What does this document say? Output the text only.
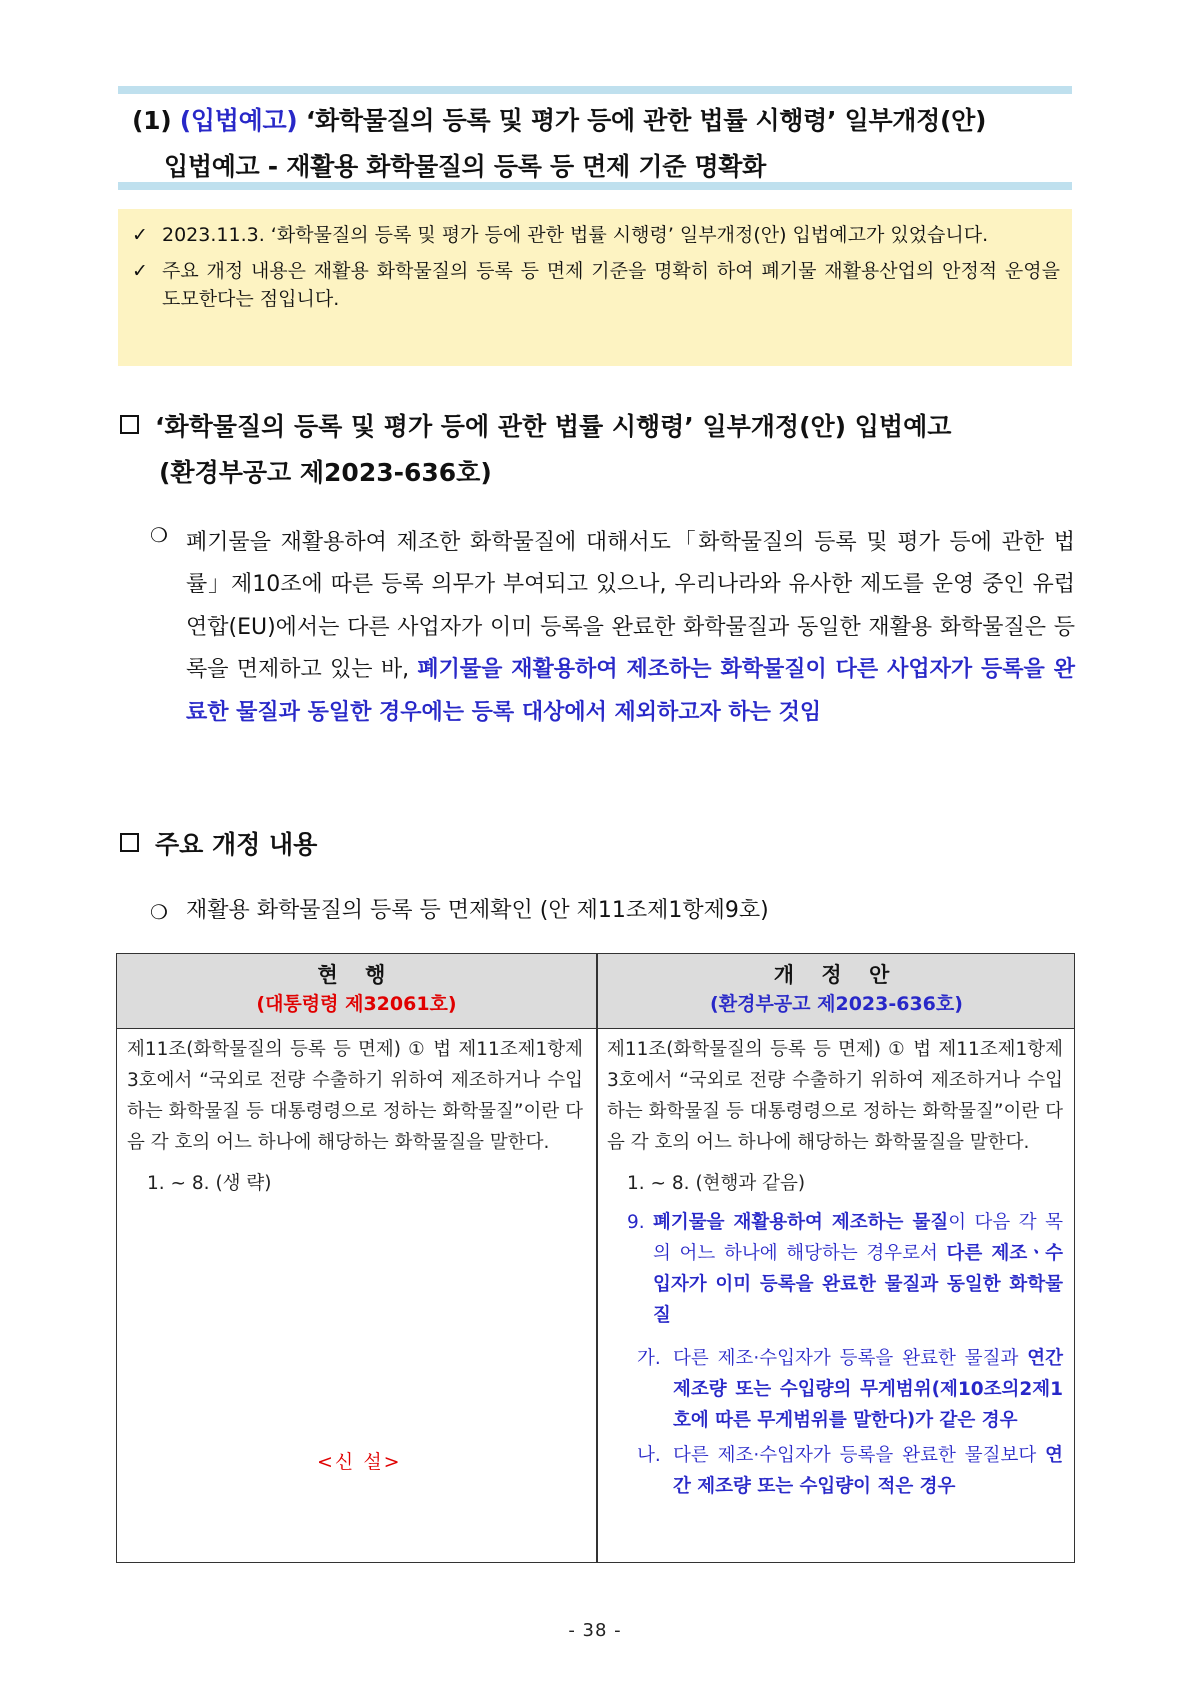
(1) (입법예고) ‘화학물질의 등록 및 평가 등에 관한 법률 시행령’ 일부개정(안)
입법예고 - 재활용 화학물질의 등록 등 면제 기준 명확화
✓ 2023.11.3. ‘화학물질의 등록 및 평가 등에 관한 법률 시행령’ 일부개정(안) 입법예고가 있었습니다.
✓ 주요 개정 내용은 재활용 화학물질의 등록 등 면제 기준을 명확히 하여 폐기물 재활용산업의 안정적 운영을 도모한다는 점입니다.
‘화학물질의 등록 및 평가 등에 관한 법률 시행령’ 일부개정(안) 입법예고
(환경부공고 제2023-636호)
❍ 폐기물을 재활용하여 제조한 화학물질에 대해서도「화학물질의 등록 및 평가 등에 관한 법률」제10조에 따른 등록 의무가 부여되고 있으나, 우리나라와 유사한 제도를 운영 중인 유럽연합(EU)에서는 다른 사업자가 이미 등록을 완료한 화학물질과 동일한 재활용 화학물질은 등록을 면제하고 있는 바, 폐기물을 재활용하여 제조하는 화학물질이 다른 사업자가 등록을 완료한 물질과 동일한 경우에는 등록 대상에서 제외하고자 하는 것임
주요 개정 내용
❍ 재활용 화학물질의 등록 등 면제확인 (안 제11조제1항제9호)
현 행
(대통령령 제32061호)
개 정 안
(환경부공고 제2023-636호)
제11조(화학물질의 등록 등 면제) ① 법 제11조제1항제3호에서 “국외로 전량 수출하기 위하여 제조하거나 수입하는 화학물질 등 대통령령으로 정하는 화학물질”이란 다음 각 호의 어느 하나에 해당하는 화학물질을 말한다.
1. ~ 8. (생 략)
<신 설>
제11조(화학물질의 등록 등 면제) ① 법 제11조제1항제3호에서 “국외로 전량 수출하기 위하여 제조하거나 수입하는 화학물질 등 대통령령으로 정하는 화학물질”이란 다음 각 호의 어느 하나에 해당하는 화학물질을 말한다.
1. ~ 8. (현행과 같음)
9. 폐기물을 재활용하여 제조하는 물질이 다음 각 목의 어느 하나에 해당하는 경우로서 다른 제조ㆍ수입자가 이미 등록을 완료한 물질과 동일한 화학물질
가. 다른 제조·수입자가 등록을 완료한 물질과 연간 제조량 또는 수입량의 무게범위(제10조의2제1호에 따른 무게범위를 말한다)가 같은 경우
나. 다른 제조·수입자가 등록을 완료한 물질보다 연간 제조량 또는 수입량이 적은 경우
- 38 -
